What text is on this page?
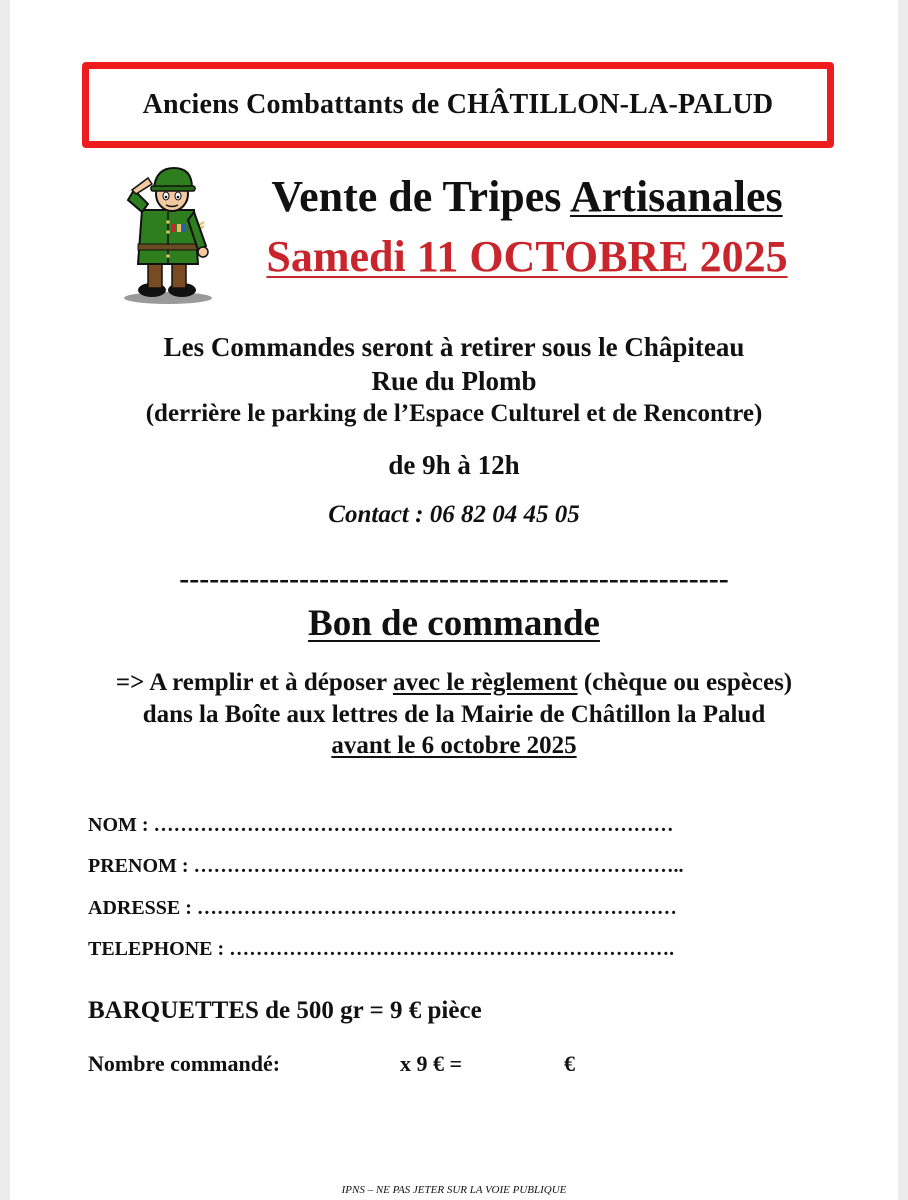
Anciens Combattants de CHÂTILLON-LA-PALUD
Vente de Tripes Artisanales
Samedi 11 OCTOBRE 2025
Les Commandes seront à retirer sous le Châpiteau
Rue du Plomb
(derrière le parking de l’Espace Culturel et de Rencontre)
de 9h à 12h
Contact : 06 82 04 45 05
-------------------------------------------------------
Bon de commande
=> A remplir et à déposer avec le règlement (chèque ou espèces)
dans la Boîte aux lettres de la Mairie de Châtillon la Palud
avant le 6 octobre 2025
NOM : ……………………………………………………………………
PRENOM : ………………………………………………………………..
ADRESSE : ………………………………………………………………
TELEPHONE : ………………………………………………………….
BARQUETTES de 500 gr = 9 € pièce
Nombre commandé:	x 9 € =	€
IPNS – NE PAS JETER SUR LA VOIE PUBLIQUE
